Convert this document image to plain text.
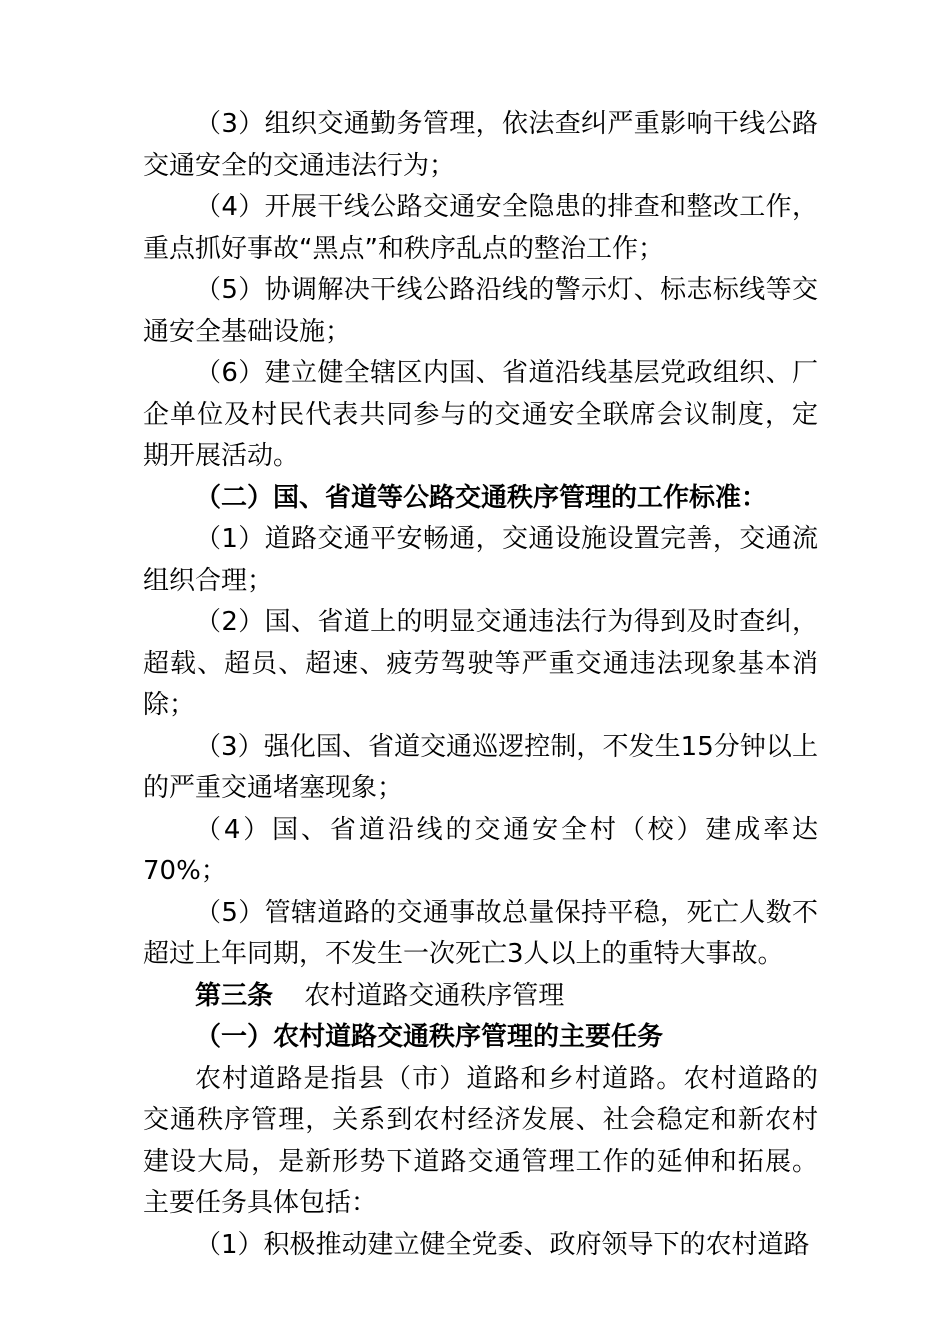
（3）组织交通勤务管理，依法查纠严重影响干线公路交通安全的交通违法行为；

（4）开展干线公路交通安全隐患的排查和整改工作，重点抓好事故“黑点”和秩序乱点的整治工作；

（5）协调解决干线公路沿线的警示灯、标志标线等交通安全基础设施；

（6）建立健全辖区内国、省道沿线基层党政组织、厂企单位及村民代表共同参与的交通安全联席会议制度，定期开展活动。

（二）国、省道等公路交通秩序管理的工作标准：

（1）道路交通平安畅通，交通设施设置完善，交通流组织合理；

（2）国、省道上的明显交通违法行为得到及时查纠，超载、超员、超速、疲劳驾驶等严重交通违法现象基本消除；

（3）强化国、省道交通巡逻控制，不发生15分钟以上的严重交通堵塞现象；

（4）国、省道沿线的交通安全村（校）建成率达70%；

（5）管辖道路的交通事故总量保持平稳，死亡人数不超过上年同期，不发生一次死亡3人以上的重特大事故。

第三条 农村道路交通秩序管理

（一）农村道路交通秩序管理的主要任务

农村道路是指县（市）道路和乡村道路。农村道路的交通秩序管理，关系到农村经济发展、社会稳定和新农村建设大局，是新形势下道路交通管理工作的延伸和拓展。主要任务具体包括：

（1）积极推动建立健全党委、政府领导下的农村道路
